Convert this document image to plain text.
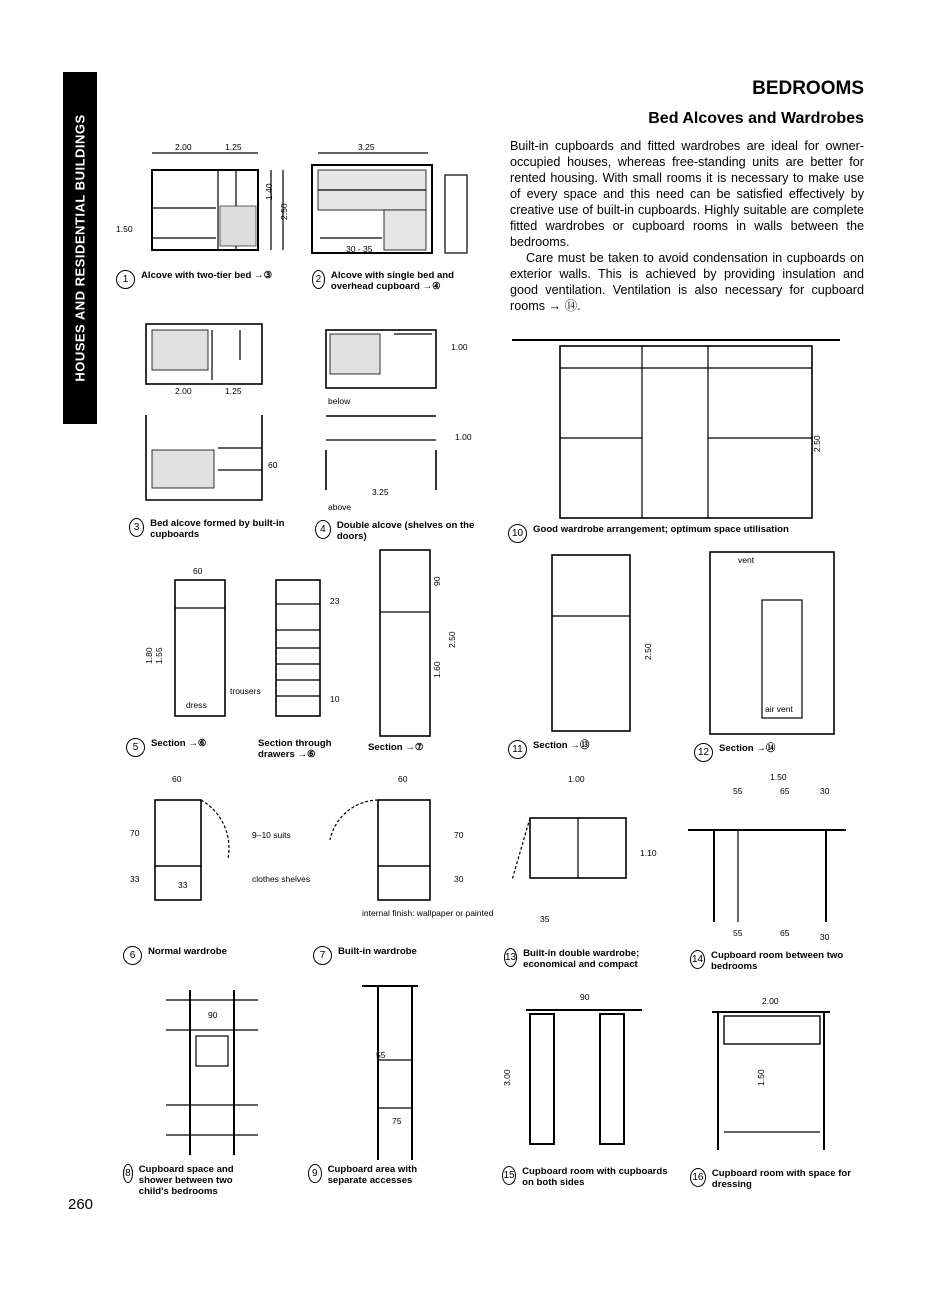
HOUSES AND RESIDENTIAL BUILDINGS
BEDROOMS
Bed Alcoves and Wardrobes

Built-in cupboards and fitted wardrobes are ideal for owner-occupied houses, whereas free-standing units are better for rented housing. With small rooms it is necessary to make use of every space and this need can be satisfied effectively by creative use of built-in cupboards. Highly suitable are complete fitted wardrobes or cupboard rooms in walls between the bedrooms.

Care must be taken to avoid condensation in cupboards on exterior walls. This is achieved by providing insulation and good ventilation. Ventilation is also necessary for cupboard rooms → ⑭.

2.00	1.25
1.40
2.50
1.50
3.25
30 - 35
2.00	1.25
60
1.00
below
1.00
3.25
above
60
1.80 1.55
trousers
dress
23
10
90
1.60
2.50
60
70
33
33
9–10 suits
clothes shelves
60
70
30
internal finish: wallpaper or painted
90
55
75
2.50
2.50
vent
air vent
1.00
1.10
35
1.50
55	65	30
55	65	30
90
3.00
2.00
1.50
1	Alcove with two-tier bed →③	2	Alcove with single bed and overhead cupboard →④
3	Bed alcove formed by built-in cupboards	4	Double alcove (shelves on the doors)
5	Section →⑥	Section through drawers →⑥
Section →⑦
6	Normal wardrobe	7	Built-in wardrobe
8 Cupboard space and shower between two child's bedrooms
9	Cupboard area with separate accesses
10	Good wardrobe arrangement; optimum space utilisation
11	Section →⑬
12	Section →⑭
13 Built-in double wardrobe; economical and compact	14 Cupboard room between two bedrooms
15 Cupboard room with cupboards on both sides	16 Cupboard room with space for dressing
260
